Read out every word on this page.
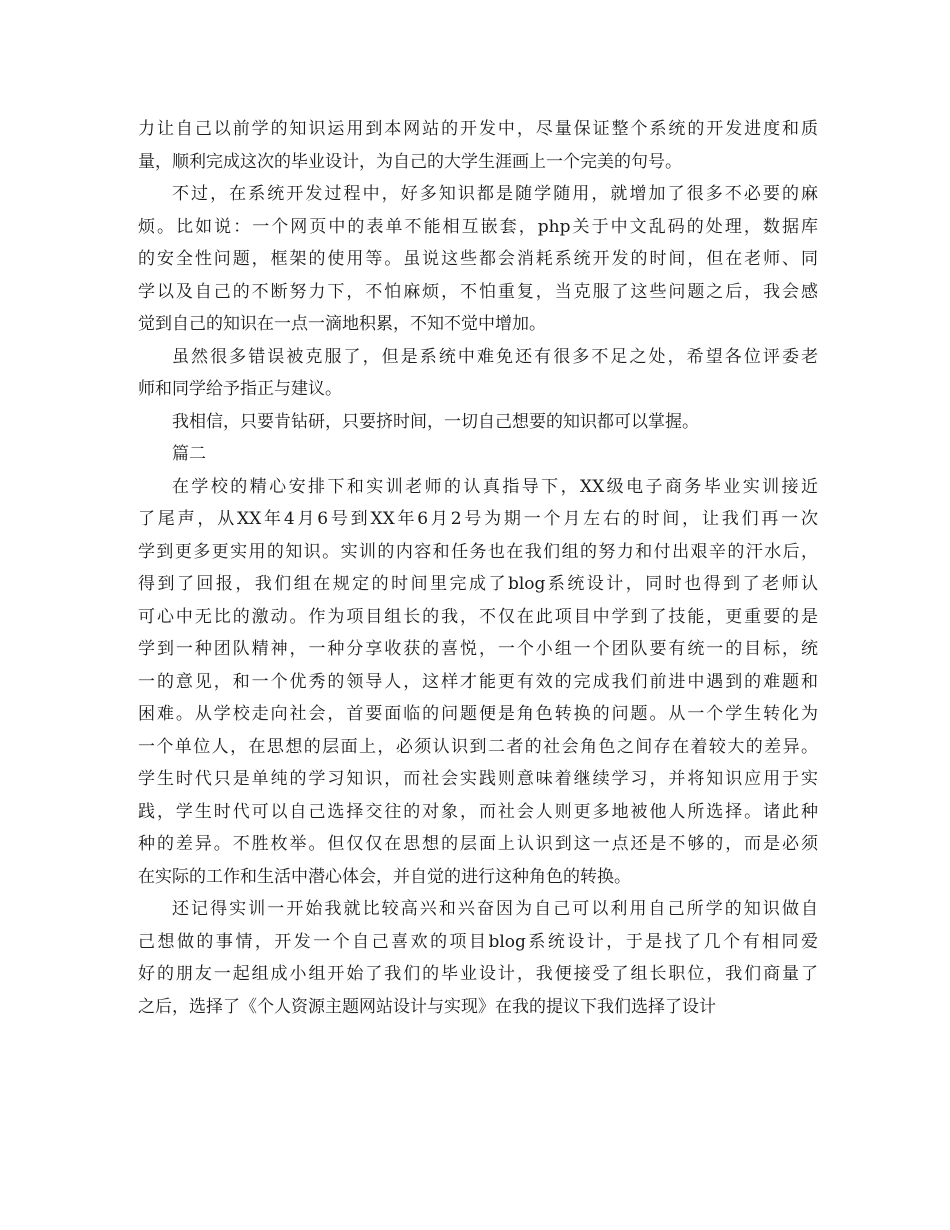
力让自己以前学的知识运用到本网站的开发中，尽量保证整个系统的开发进度和质
量，顺利完成这次的毕业设计，为自己的大学生涯画上一个完美的句号。
不过，在系统开发过程中，好多知识都是随学随用，就增加了很多不必要的麻
烦。比如说：一个网页中的表单不能相互嵌套，php关于中文乱码的处理，数据库
的安全性问题，框架的使用等。虽说这些都会消耗系统开发的时间，但在老师、同
学以及自己的不断努力下，不怕麻烦，不怕重复，当克服了这些问题之后，我会感
觉到自己的知识在一点一滴地积累，不知不觉中增加。
虽然很多错误被克服了，但是系统中难免还有很多不足之处，希望各位评委老
师和同学给予指正与建议。
我相信，只要肯钻研，只要挤时间，一切自己想要的知识都可以掌握。
篇二
在学校的精心安排下和实训老师的认真指导下，XX级电子商务毕业实训接近
了尾声，从XX年4月6号到XX年6月2号为期一个月左右的时间，让我们再一次
学到更多更实用的知识。实训的内容和任务也在我们组的努力和付出艰辛的汗水后，
得到了回报，我们组在规定的时间里完成了blog系统设计，同时也得到了老师认
可心中无比的激动。作为项目组长的我，不仅在此项目中学到了技能，更重要的是
学到一种团队精神，一种分享收获的喜悦，一个小组一个团队要有统一的目标，统
一的意见，和一个优秀的领导人，这样才能更有效的完成我们前进中遇到的难题和
困难。从学校走向社会，首要面临的问题便是角色转换的问题。从一个学生转化为
一个单位人，在思想的层面上，必须认识到二者的社会角色之间存在着较大的差异。
学生时代只是单纯的学习知识，而社会实践则意味着继续学习，并将知识应用于实
践，学生时代可以自己选择交往的对象，而社会人则更多地被他人所选择。诸此种
种的差异。不胜枚举。但仅仅在思想的层面上认识到这一点还是不够的，而是必须
在实际的工作和生活中潜心体会，并自觉的进行这种角色的转换。
还记得实训一开始我就比较高兴和兴奋因为自己可以利用自己所学的知识做自
己想做的事情，开发一个自己喜欢的项目blog系统设计，于是找了几个有相同爱
好的朋友一起组成小组开始了我们的毕业设计，我便接受了组长职位，我们商量了
之后，选择了《个人资源主题网站设计与实现》在我的提议下我们选择了设计
